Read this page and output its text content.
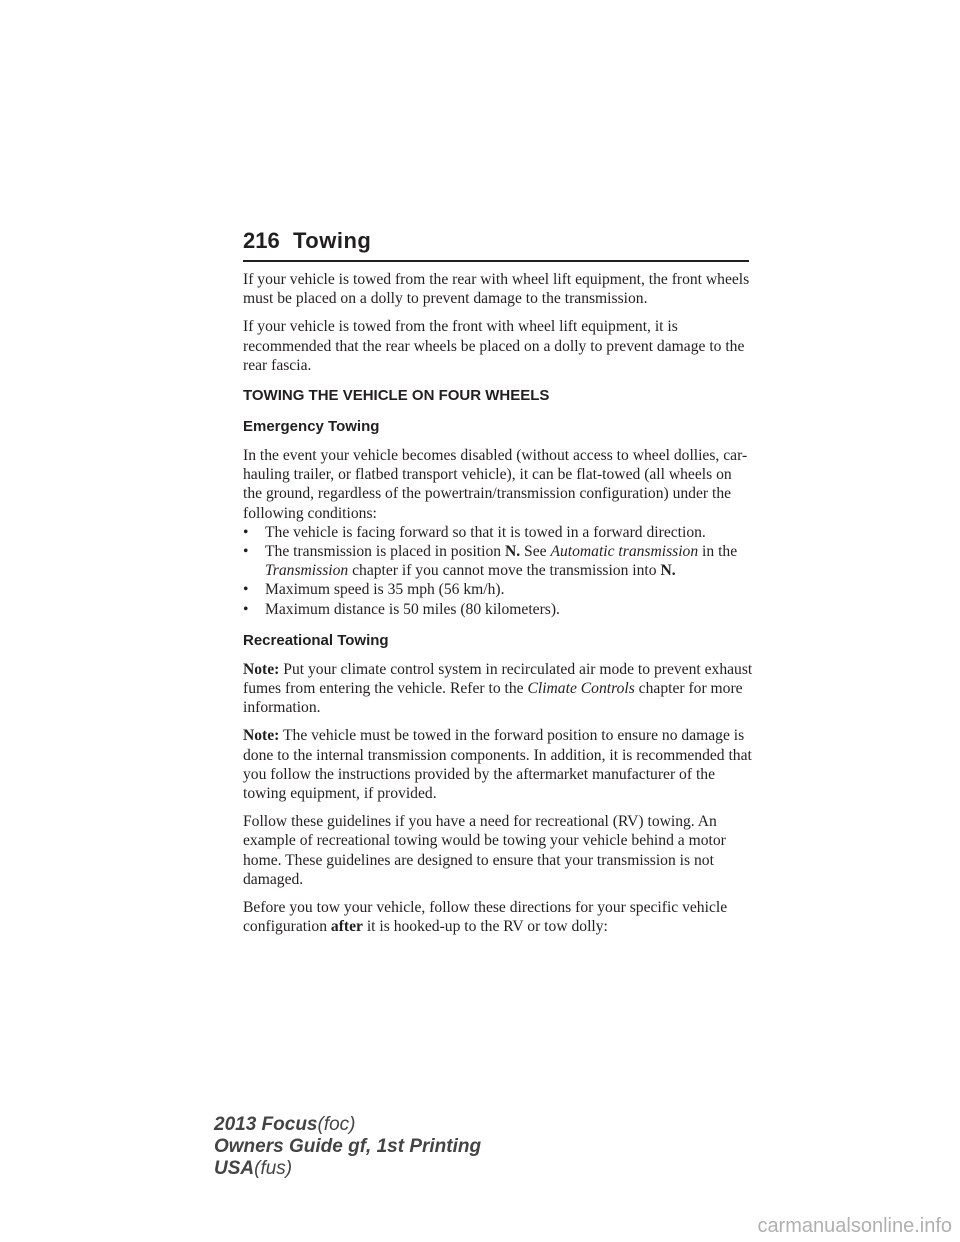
216 Towing

If your vehicle is towed from the rear with wheel lift equipment, the front wheels must be placed on a dolly to prevent damage to the transmission.

If your vehicle is towed from the front with wheel lift equipment, it is recommended that the rear wheels be placed on a dolly to prevent damage to the rear fascia.

TOWING THE VEHICLE ON FOUR WHEELS
Emergency Towing

In the event your vehicle becomes disabled (without access to wheel dollies, car-hauling trailer, or flatbed transport vehicle), it can be flat-towed (all wheels on the ground, regardless of the powertrain/transmission configuration) under the following conditions:

• The vehicle is facing forward so that it is towed in a forward direction.
• The transmission is placed in position N. See Automatic transmission in the Transmission chapter if you cannot move the transmission into N.
• Maximum speed is 35 mph (56 km/h).
• Maximum distance is 50 miles (80 kilometers).
Recreational Towing

Note: Put your climate control system in recirculated air mode to prevent exhaust fumes from entering the vehicle. Refer to the Climate Controls chapter for more information.

Note: The vehicle must be towed in the forward position to ensure no damage is done to the internal transmission components. In addition, it is recommended that you follow the instructions provided by the aftermarket manufacturer of the towing equipment, if provided.

Follow these guidelines if you have a need for recreational (RV) towing. An example of recreational towing would be towing your vehicle behind a motor home. These guidelines are designed to ensure that your transmission is not damaged.

Before you tow your vehicle, follow these directions for your specific vehicle configuration after it is hooked-up to the RV or tow dolly:

2013 Focus(foc)
Owners Guide gf, 1st Printing
USA(fus)
carmanualsonline.info
